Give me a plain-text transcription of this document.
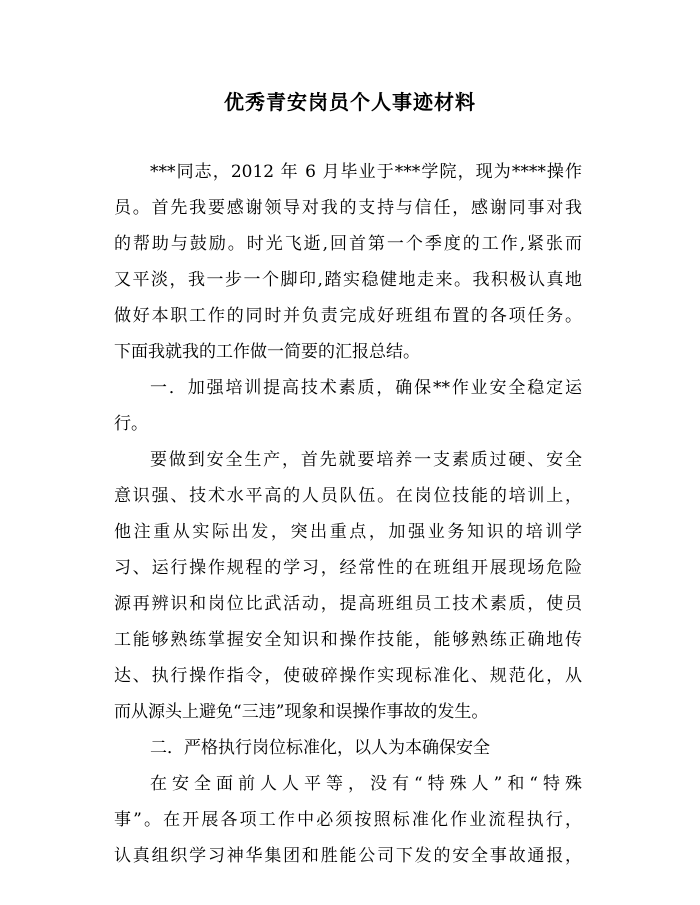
优秀青安岗员个人事迹材料
***同志，2012 年 6 月毕业于***学院，现为****操作
员。首先我要感谢领导对我的支持与信任，感谢同事对我
的帮助与鼓励。时光飞逝,回首第一个季度的工作,紧张而
又平淡，我一步一个脚印,踏实稳健地走来。我积极认真地
做好本职工作的同时并负责完成好班组布置的各项任务。
下面我就我的工作做一简要的汇报总结。
一．加强培训提高技术素质，确保**作业安全稳定运
行。
要做到安全生产，首先就要培养一支素质过硬、安全
意识强、技术水平高的人员队伍。在岗位技能的培训上，
他注重从实际出发，突出重点，加强业务知识的培训学
习、运行操作规程的学习，经常性的在班组开展现场危险
源再辨识和岗位比武活动，提高班组员工技术素质，使员
工能够熟练掌握安全知识和操作技能，能够熟练正确地传
达、执行操作指令，使破碎操作实现标准化、规范化，从
而从源头上避免“三违”现象和误操作事故的发生。
二．严格执行岗位标准化，以人为本确保安全
在安全面前人人平等，没有“特殊人”和“特殊
事”。在开展各项工作中必须按照标准化作业流程执行，
认真组织学习神华集团和胜能公司下发的安全事故通报，
